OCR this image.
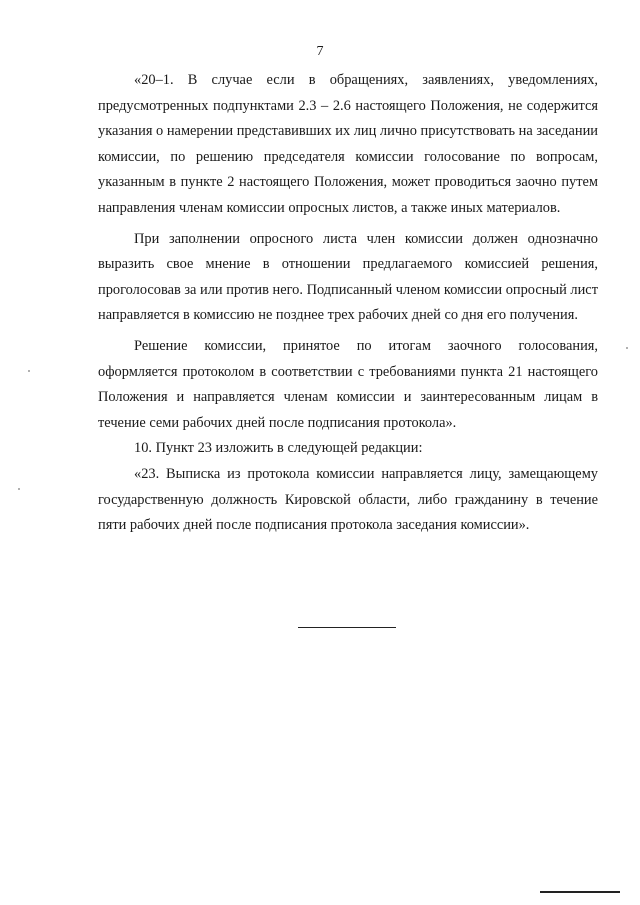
7

«20–1. В случае если в обращениях, заявлениях, уведомлениях, предусмотренных подпунктами 2.3 – 2.6 настоящего Положения, не содержится указания о намерении представивших их лиц лично присутствовать на заседании комиссии, по решению председателя комиссии голосование по вопросам, указанным в пункте 2 настоящего Положения, может проводиться заочно путем направления членам комиссии опросных листов, а также иных материалов.

При заполнении опросного листа член комиссии должен однозначно выразить свое мнение в отношении предлагаемого комиссией решения, проголосовав за или против него. Подписанный членом комиссии опросный лист направляется в комиссию не позднее трех рабочих дней со дня его получения.

Решение комиссии, принятое по итогам заочного голосования, оформляется протоколом в соответствии с требованиями пункта 21 настоящего Положения и направляется членам комиссии и заинтересованным лицам в течение семи рабочих дней после подписания протокола».

10. Пункт 23 изложить в следующей редакции:

«23. Выписка из протокола комиссии направляется лицу, замещающему государственную должность Кировской области, либо гражданину в течение пяти рабочих дней после подписания протокола заседания комиссии».
